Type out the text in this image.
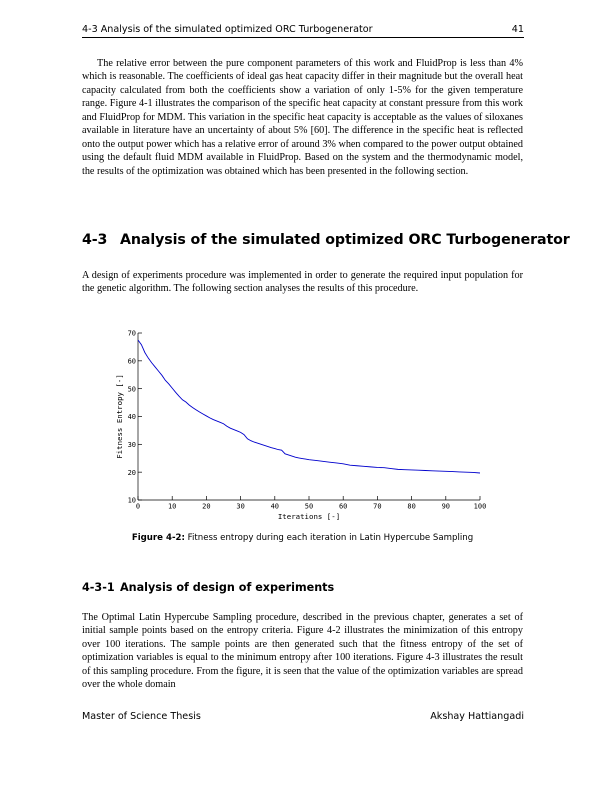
4-3 Analysis of the simulated optimized ORC Turbogenerator	41
The relative error between the pure component parameters of this work and FluidProp is less than 4% which is reasonable. The coefficients of ideal gas heat capacity differ in their magnitude but the overall heat capacity calculated from both the coefficients show a variation of only 1-5% for the given temperature range. Figure 4-1 illustrates the comparison of the specific heat capacity at constant pressure from this work and FluidProp for MDM. This variation in the specific heat capacity is acceptable as the values of siloxanes available in literature have an uncertainty of about 5% [60]. The difference in the specific heat is reflected onto the output power which has a relative error of around 3% when compared to the power output obtained using the default fluid MDM available in FluidProp. Based on the system and the thermodynamic model, the results of the optimization was obtained which has been presented in the following section.
4-3 Analysis of the simulated optimized ORC Turbogenerator
A design of experiments procedure was implemented in order to generate the required input population for the genetic algorithm. The following section analyses the results of this procedure.
10
20
30
40
50
60
70
0	10	20	30	40	50	60	70	80	90	100
Iterations [-]
Fitness Entropy [-]
Figure 4-2: Fitness entropy during each iteration in Latin Hypercube Sampling
4-3-1 Analysis of design of experiments
The Optimal Latin Hypercube Sampling procedure, described in the previous chapter, generates a set of initial sample points based on the entropy criteria. Figure 4-2 illustrates the minimization of this entropy over 100 iterations. The sample points are then generated such that the fitness entropy of the set of optimization variables is equal to the minimum entropy after 100 iterations. Figure 4-3 illustrates the result of this sampling procedure. From the figure, it is seen that the value of the optimization variables are spread over the whole domain
Master of Science Thesis	Akshay Hattiangadi
